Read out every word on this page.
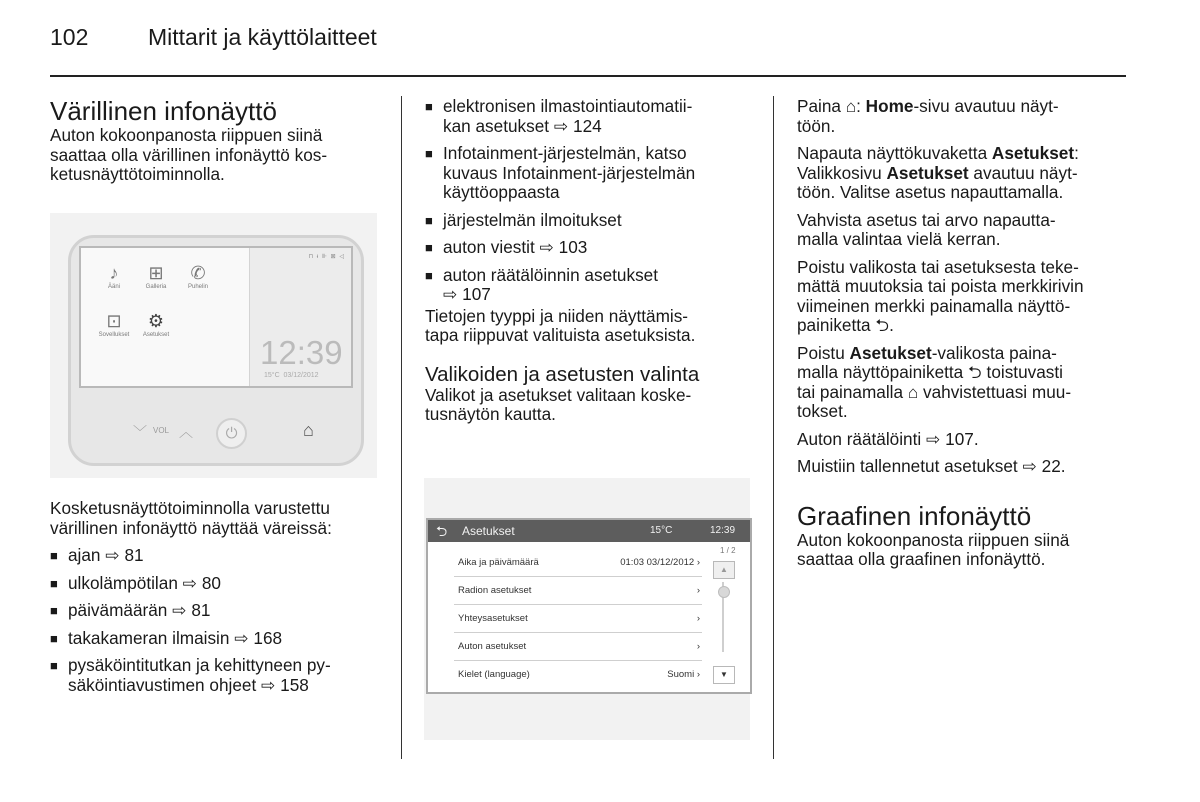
102	Mittarit ja käyttölaitteet
Värillinen infonäyttö

Auton kokoonpanosta riippuen siinä
saattaa olla värillinen infonäyttö kos-
ketusnäyttötoiminnolla.

♪
Ääni
⊞
Galleria
✆
Puhelin
⊡
Sovellukset
⚙
Asetukset
⊓ ᵻ ⊪ ⊠ ◁
12:39
15°C 03/12/2012
﹀ VOL ︿	⏻	⌂

Kosketusnäyttötoiminnolla varustettu
värillinen infonäyttö näyttää väreissä:

■ ajan ⇨ 81
■ ulkolämpötilan ⇨ 80
■ päivämäärän ⇨ 81
■ takakameran ilmaisin ⇨ 168
■ pysäköintitutkan ja kehittyneen py-
säköintiavustimen ohjeet ⇨ 158
■ elektronisen ilmastointiautomatii-
kan asetukset ⇨ 124
■ Infotainment-järjestelmän, katso
kuvaus Infotainment-järjestelmän
käyttöoppaasta
■ järjestelmän ilmoitukset
■ auton viestit ⇨ 103
■ auton räätälöinnin asetukset
⇨ 107

Tietojen tyyppi ja niiden näyttämis-
tapa riippuvat valituista asetuksista.

Valikoiden ja asetusten valinta

Valikot ja asetukset valitaan koske-
tusnäytön kautta.

⮌ Asetukset	15°C	12:39
Aika ja päivämäärä	01:03 03/12/2012 ›
Radion asetukset	›
Yhteysasetukset	›
Auton asetukset	›
Kielet (language)	Suomi ›
1 / 2
▲
▼

Paina ⌂: Home-sivu avautuu näyt-
töön.

Napauta näyttökuvaketta Asetukset:
Valikkosivu Asetukset avautuu näyt-
töön. Valitse asetus napauttamalla.

Vahvista asetus tai arvo napautta-
malla valintaa vielä kerran.

Poistu valikosta tai asetuksesta teke-
mättä muutoksia tai poista merkkirivin
viimeinen merkki painamalla näyttö-
painiketta ⮌.

Poistu Asetukset-valikosta paina-
malla näyttöpainiketta ⮌ toistuvasti
tai painamalla ⌂ vahvistettuasi muu-
tokset.

Auton räätälöinti ⇨ 107.

Muistiin tallennetut asetukset ⇨ 22.

Graafinen infonäyttö

Auton kokoonpanosta riippuen siinä
saattaa olla graafinen infonäyttö.
